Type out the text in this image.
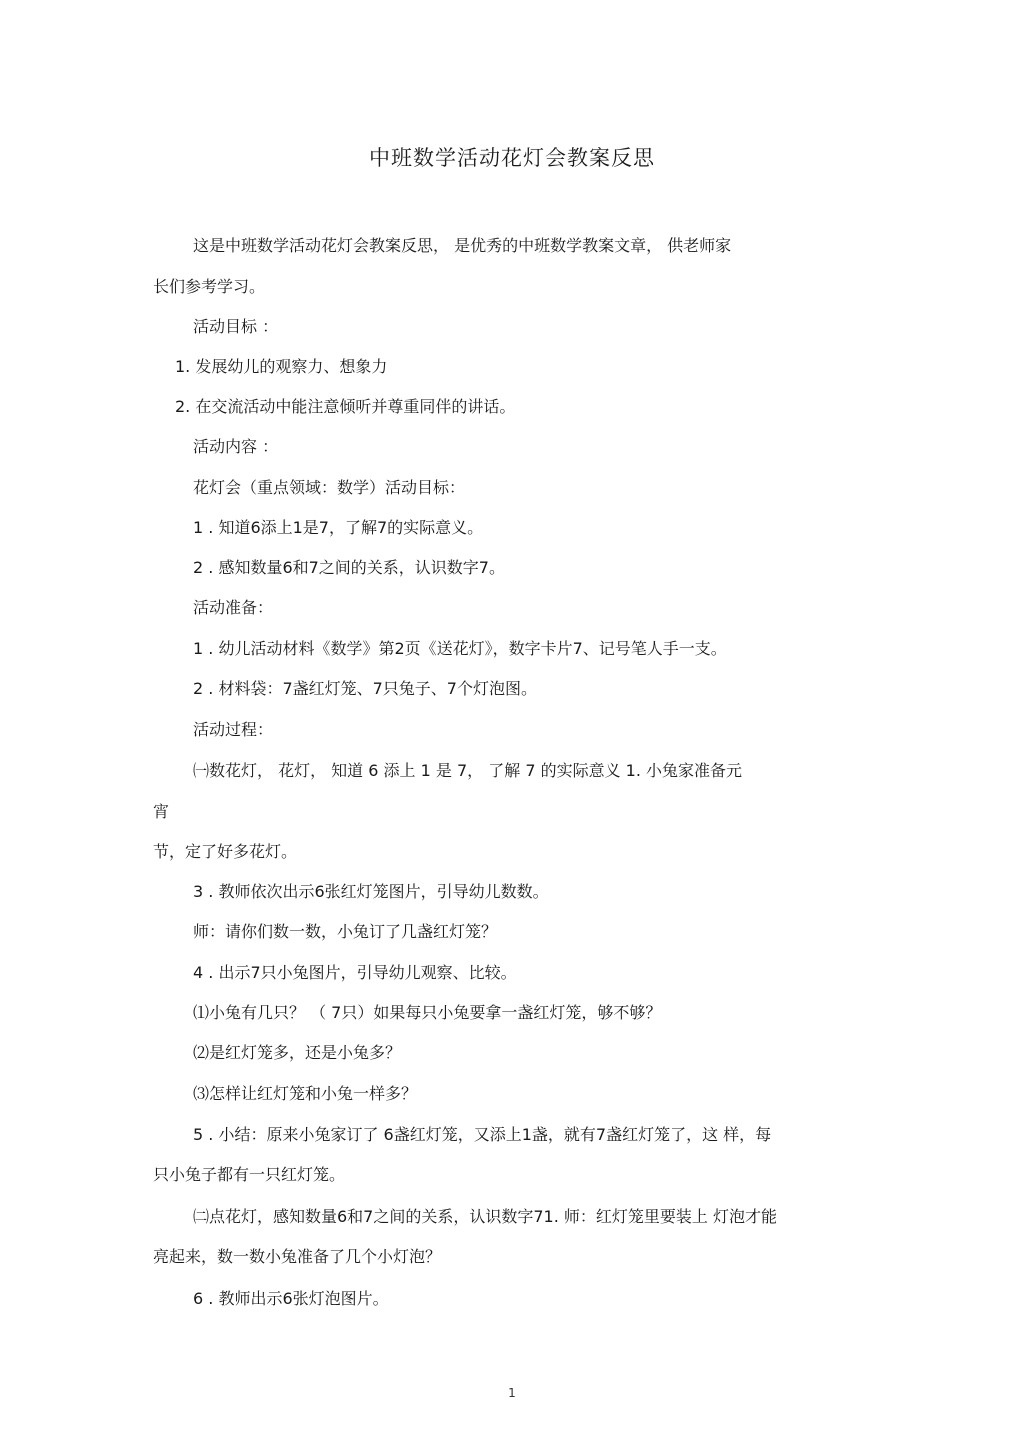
中班数学活动花灯会教案反思
这是中班数学活动花灯会教案反思， 是优秀的中班数学教案文章， 供老师家
长们参考学习。
活动目标 ：
1. 发展幼儿的观察力、想象力
2. 在交流活动中能注意倾听并尊重同伴的讲话。
活动内容 ：
花灯会（重点领域：数学）活动目标：
1 . 知道6添上1是7，了解7的实际意义。
2 . 感知数量6和7之间的关系，认识数字7。
活动准备：
1 . 幼儿活动材料《数学》第2页《送花灯》，数字卡片7、记号笔人手一支。
2 . 材料袋：7盏红灯笼、7只兔子、7个灯泡图。
活动过程：
㈠数花灯， 花灯， 知道 6 添上 1 是 7， 了解 7 的实际意义 1. 小兔家准备元
宵
节，定了好多花灯。
3 . 教师依次出示6张红灯笼图片，引导幼儿数数。
师：请你们数一数，小兔订了几盏红灯笼？
4 . 出示7只小兔图片，引导幼儿观察、比较。
⑴小兔有几只？ （ 7只）如果每只小兔要拿一盏红灯笼，够不够？
⑵是红灯笼多，还是小兔多？
⑶怎样让红灯笼和小兔一样多？
5 . 小结：原来小兔家订了 6盏红灯笼，又添上1盏，就有7盏红灯笼了，这 样，每
只小兔子都有一只红灯笼。
㈡点花灯，感知数量6和7之间的关系，认识数字71. 师：红灯笼里要装上 灯泡才能
亮起来，数一数小兔准备了几个小灯泡？
6 . 教师出示6张灯泡图片。
1
